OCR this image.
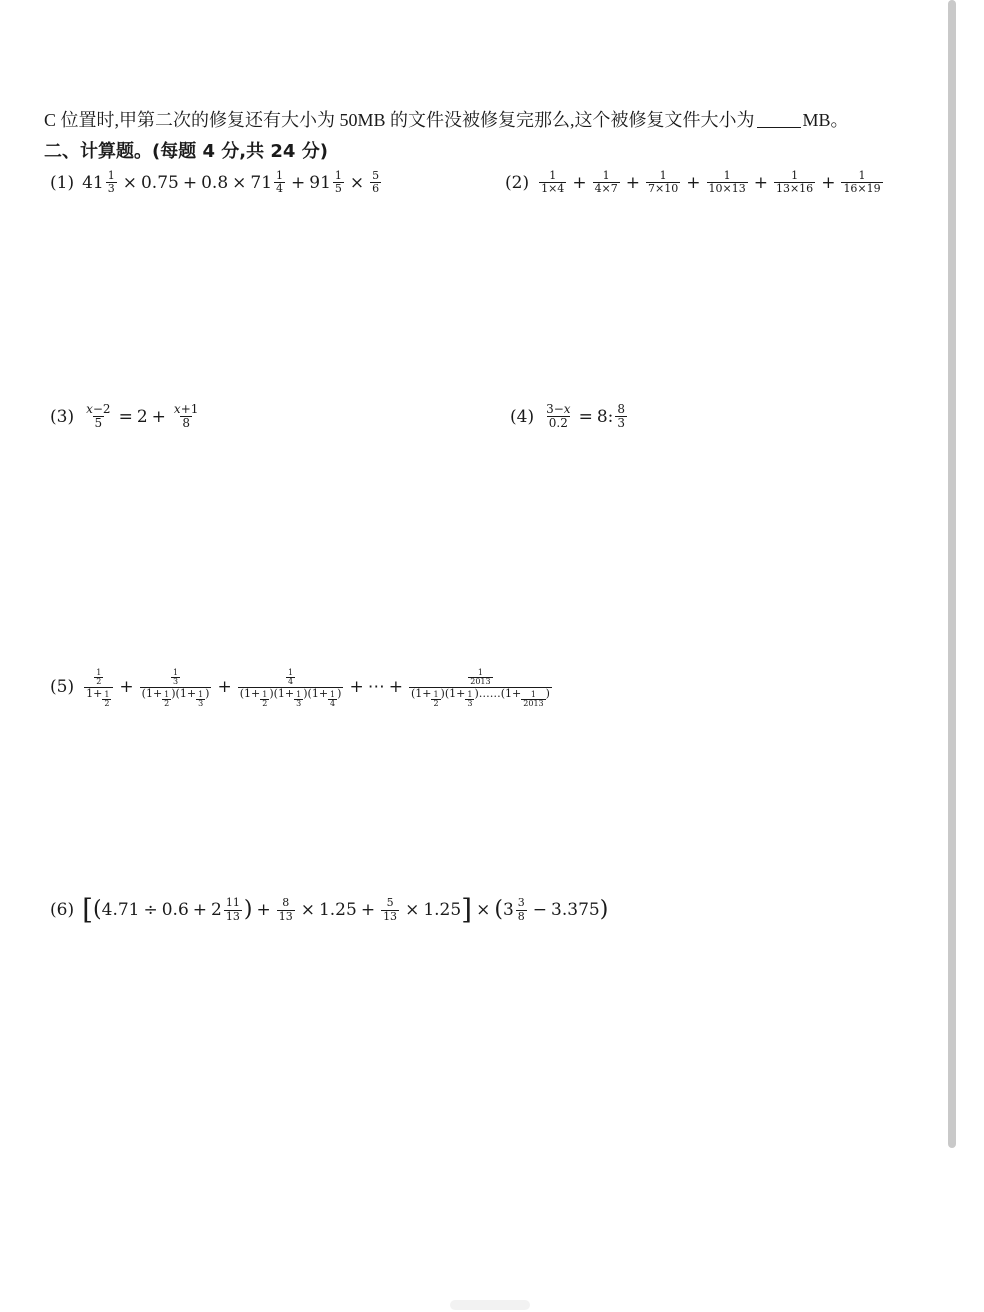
C 位置时,甲第二次的修复还有大小为 50MB 的文件没被修复完那么,这个被修复文件大小为	MB。
二、计算题。(每题 4 分,共 24 分)
(1) $41 \frac{1}{3} \times 0.75 + 0.8 \times 71 \frac{1}{4} + 91 \frac{1}{5} \times \frac{5}{6}$	$(2) \frac{1}{1\times 4} + \frac{1}{4\times 7} + \frac{1}{7\times 10} + \frac{1}{10\times 13} + \frac{1}{13\times 16} + \frac{1}{16\times 19}$
$(3) \frac{x-2}{5} = 2 + \frac{x+1}{8}$	$(4) \frac{3-x}{0.2} = 8$: $\frac{8}{3}$
$(5) \frac{\frac{1}{2}}{1+ \frac{1}{2}} + \frac{\frac{1}{3}}{(1+ \frac{1}{2} )(1+ \frac{1}{3} )} + \frac{\frac{1}{4}}{(1+ \frac{1}{2} )(1+ \frac{1}{3} )(1+ \frac{1}{4} )}$ + ⋯ + $\frac{\frac{1}{2013}}{(1+ \frac{1}{2} )(1+ \frac{1}{3} )\dots\dots(1+ \frac{1}{2013} )}$
(6) [ ( $4.71 \div 0.6 + 2 \frac{11}{13}$ ) + $\frac{8}{13} \times 1.25 + \frac{5}{13} \times 1.25$ ] × ( $3 \frac{3}{8} - 3.375$ )
